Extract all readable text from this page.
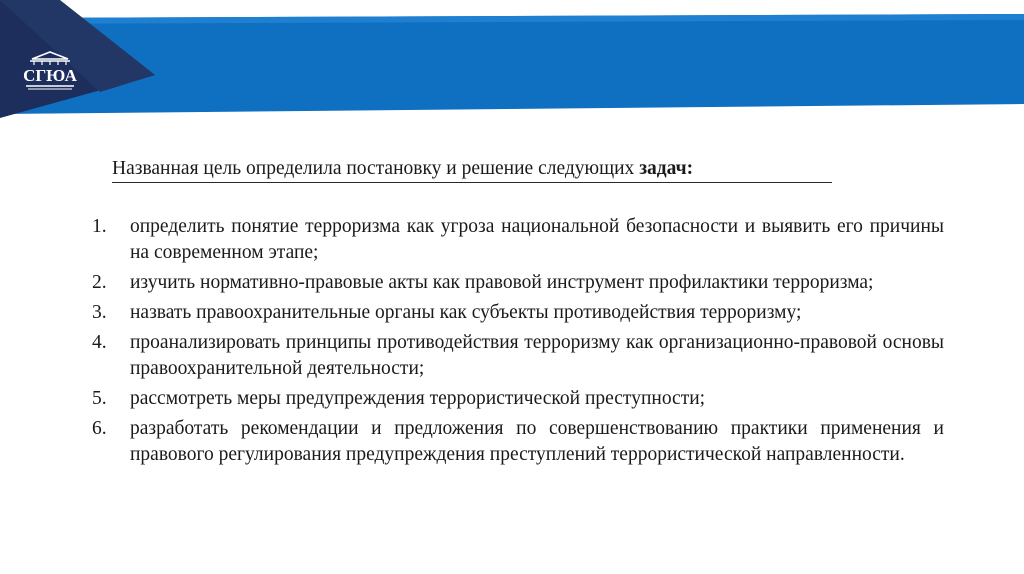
СГЮА
Названная цель определила постановку и решение следующих задач:
1. определить понятие терроризма как угроза национальной безопасности и выявить его причины на современном этапе;
2. изучить нормативно-правовые акты как правовой инструмент профилактики терроризма;
3. назвать правоохранительные органы как субъекты противодействия терроризму;
4. проанализировать принципы противодействия терроризму как организационно-правовой основы правоохранительной деятельности;
5. рассмотреть меры предупреждения террористической преступности;
6. разработать рекомендации и предложения по совершенствованию практики применения и правового регулирования предупреждения преступлений террористической направленности.
